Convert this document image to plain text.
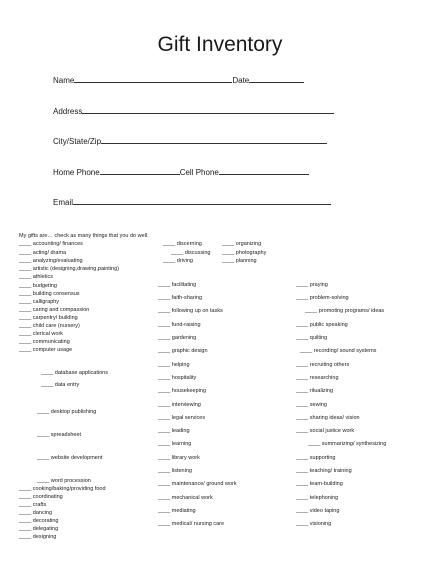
Gift Inventory
Name	Date
Address
City/State/Zip
Home Phone	Cell Phone
Email
My gifts are… check as many things that you do well.
____ accounting/ finances
____ acting/ drama
____ analyzing/evaluating
____ artistic (designing,drawing,painting)
____ athletics
____ budgeting
____ building consensus
____ calligraphy
____ caring and compassion
____ carpentry/ building
____ child care (nursery)
____ clerical work
____ communicating
____ computer usage
____ database applications
____ data entry
____ desktop publishing
____ spreadsheet
____ website development
____ word procession
____ cooking/baking/providing food
____ coordinating
____ crafts
____ dancing
____ decorating
____ delegating
____ designing
____ discerning
____ discussing
____ driving
____ organizing
____ photography
____ planning
____ facilitating
____ faith-sharing
____ following up on tasks
____ fund-raising
____ gardening
____ graphic design
____ helping
____ hospitality
____ housekeeping
____ interviewing
____ legal services
____ leading
____ learning
____ library work
____ listening
____ maintenance/ ground work
____ mechanical work
____ mediating
____ medical/ nursing care
____ praying
____ problem-solving
____ promoting programs/ ideas
____ public speaking
____ quilting
____ recording/ sound systems
____ recruiting others
____ researching
____ ritualizing
____ sewing
____ sharing ideas/ vision
____ social justice work
____ summarizing/ synthesizing
____ supporting
____ teaching/ training
____ team-building
____ telephoning
____ video taping
____ visioning
